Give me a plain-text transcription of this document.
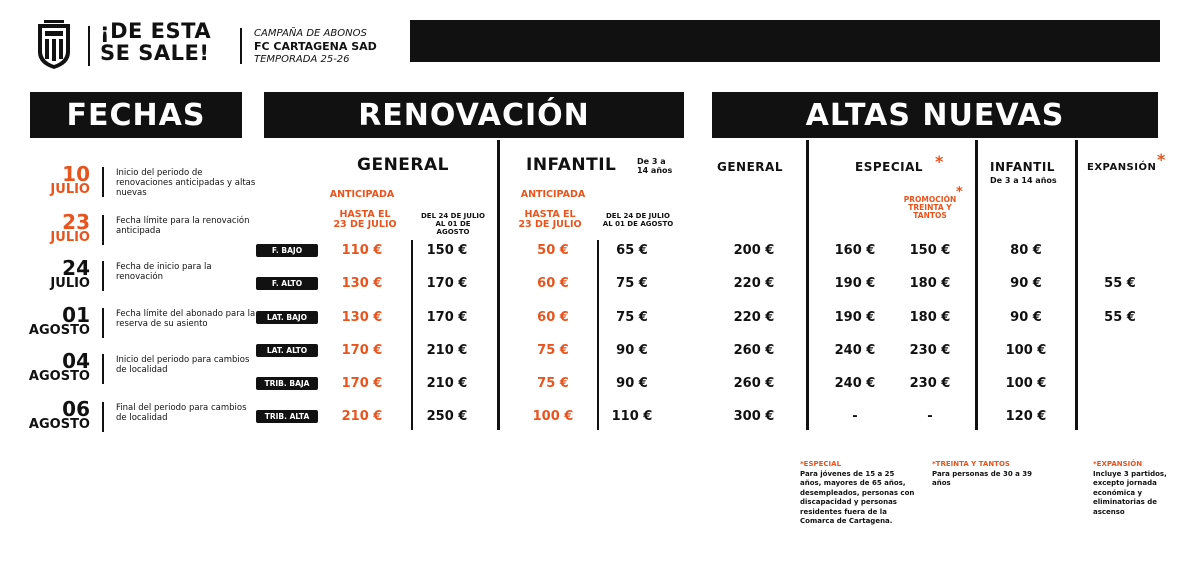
¡DE ESTA
SE SALE!
CAMPAÑA DE ABONOS
FC CARTAGENA SAD
TEMPORADA 25-26
FECHAS	RENOVACIÓN	ALTAS NUEVAS
10
JULIO
Inicio del periodo de renovaciones anticipadas y altas nuevas
23
JULIO
Fecha límite para la renovación anticipada
24
JULIO
Fecha de inicio para la renovación
01
AGOSTO
Fecha límite del abonado para la reserva de su asiento
04
AGOSTO
Inicio del periodo para cambios de localidad
06
AGOSTO
Final del periodo para cambios de localidad
GENERAL	INFANTIL	De 3 a 14 años
ANTICIPADA
HASTA EL 23 DE JULIO
DEL 24 DE JULIO AL 01 DE AGOSTO
ANTICIPADA
HASTA EL 23 DE JULIO
DEL 24 DE JULIO AL 01 DE AGOSTO
GENERAL	ESPECIAL *
PROMOCIÓN TREINTA Y TANTOS
*
INFANTIL
De 3 a 14 años
EXPANSIÓN *
F. BAJO	110 €	150 €	50 €	65 €	200 €	160 €	150 €	80 €
F. ALTO	130 €	170 €	60 €	75 €	220 €	190 €	180 €	90 €	55 €
LAT. BAJO	130 €	170 €	60 €	75 €	220 €	190 €	180 €	90 €	55 €
LAT. ALTO	170 €	210 €	75 €	90 €	260 €	240 €	230 €	100 €
TRIB. BAJA	170 €	210 €	75 €	90 €	260 €	240 €	230 €	100 €
TRIB. ALTA	210 €	250 €	100 €	110 €	300 €	-	-	120 €
*ESPECIAL
Para jóvenes de 15 a 25 años, mayores de 65 años, desempleados, personas con discapacidad y personas residentes fuera de la Comarca de Cartagena.
*TREINTA Y TANTOS
Para personas de 30 a 39 años
*EXPANSIÓN
Incluye 3 partidos, excepto jornada económica y eliminatorias de ascenso
